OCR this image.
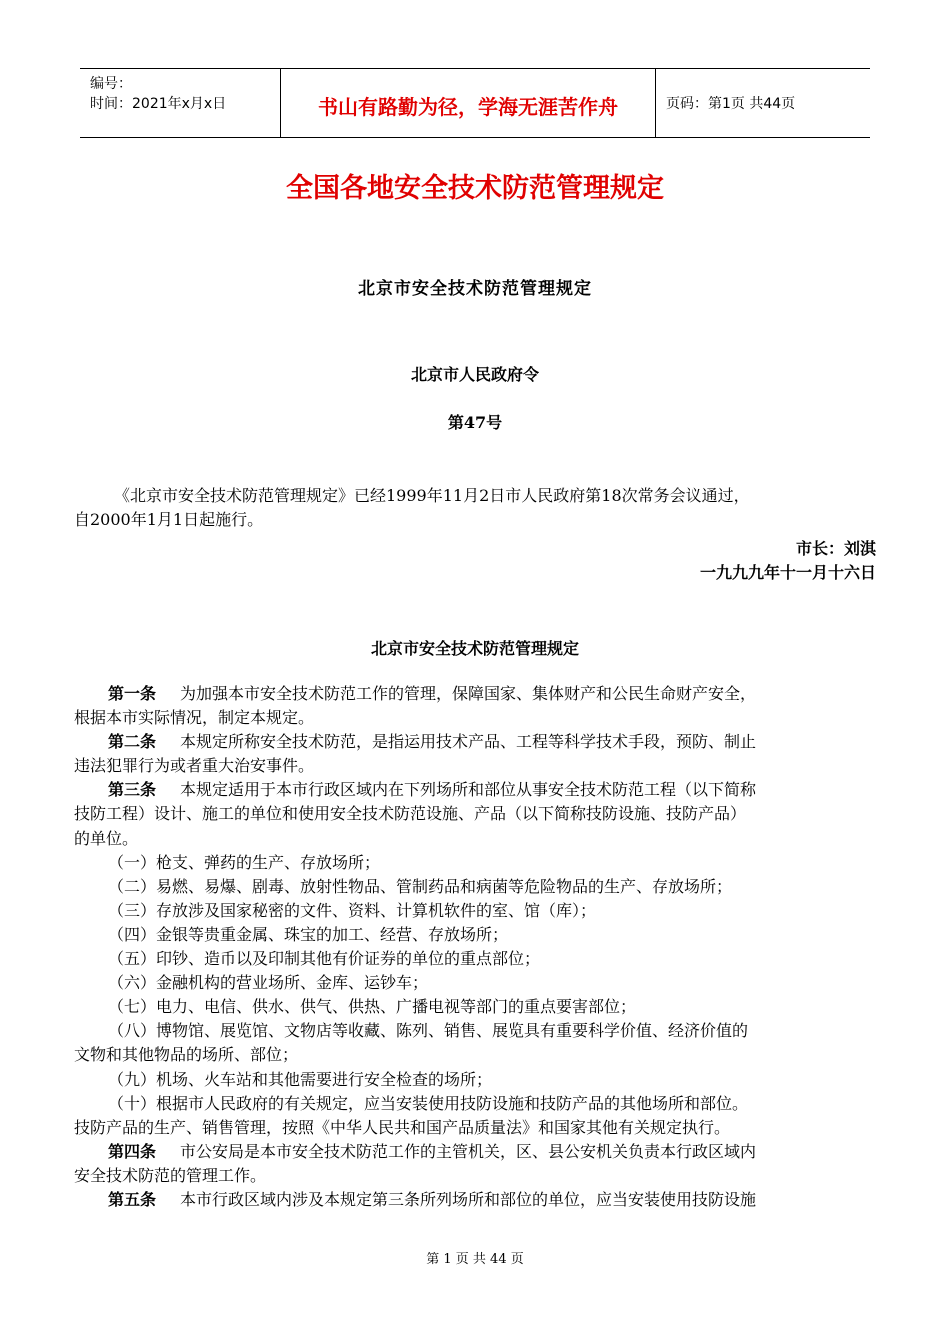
编号：
时间：2021年x月x日	书山有路勤为径，学海无涯苦作舟	页码：第1页 共44页
全国各地安全技术防范管理规定
北京市安全技术防范管理规定
北京市人民政府令
第47号
《北京市安全技术防范管理规定》已经1999年11月2日市人民政府第18次常务会议通过，
自2000年1月1日起施行。
市长：刘淇
一九九九年十一月十六日
北京市安全技术防范管理规定
第一条 为加强本市安全技术防范工作的管理，保障国家、集体财产和公民生命财产安全，
根据本市实际情况，制定本规定。
第二条 本规定所称安全技术防范，是指运用技术产品、工程等科学技术手段，预防、制止
违法犯罪行为或者重大治安事件。
第三条 本规定适用于本市行政区域内在下列场所和部位从事安全技术防范工程（以下简称
技防工程）设计、施工的单位和使用安全技术防范设施、产品（以下简称技防设施、技防产品）
的单位。
（一）枪支、弹药的生产、存放场所；
（二）易燃、易爆、剧毒、放射性物品、管制药品和病菌等危险物品的生产、存放场所；
（三）存放涉及国家秘密的文件、资料、计算机软件的室、馆（库）；
（四）金银等贵重金属、珠宝的加工、经营、存放场所；
（五）印钞、造币以及印制其他有价证券的单位的重点部位；
（六）金融机构的营业场所、金库、运钞车；
（七）电力、电信、供水、供气、供热、广播电视等部门的重点要害部位；
（八）博物馆、展览馆、文物店等收藏、陈列、销售、展览具有重要科学价值、经济价值的
文物和其他物品的场所、部位；
（九）机场、火车站和其他需要进行安全检查的场所；
（十）根据市人民政府的有关规定，应当安装使用技防设施和技防产品的其他场所和部位。
技防产品的生产、销售管理，按照《中华人民共和国产品质量法》和国家其他有关规定执行。
第四条 市公安局是本市安全技术防范工作的主管机关，区、县公安机关负责本行政区域内
安全技术防范的管理工作。
第五条 本市行政区域内涉及本规定第三条所列场所和部位的单位，应当安装使用技防设施
第 1 页 共 44 页
